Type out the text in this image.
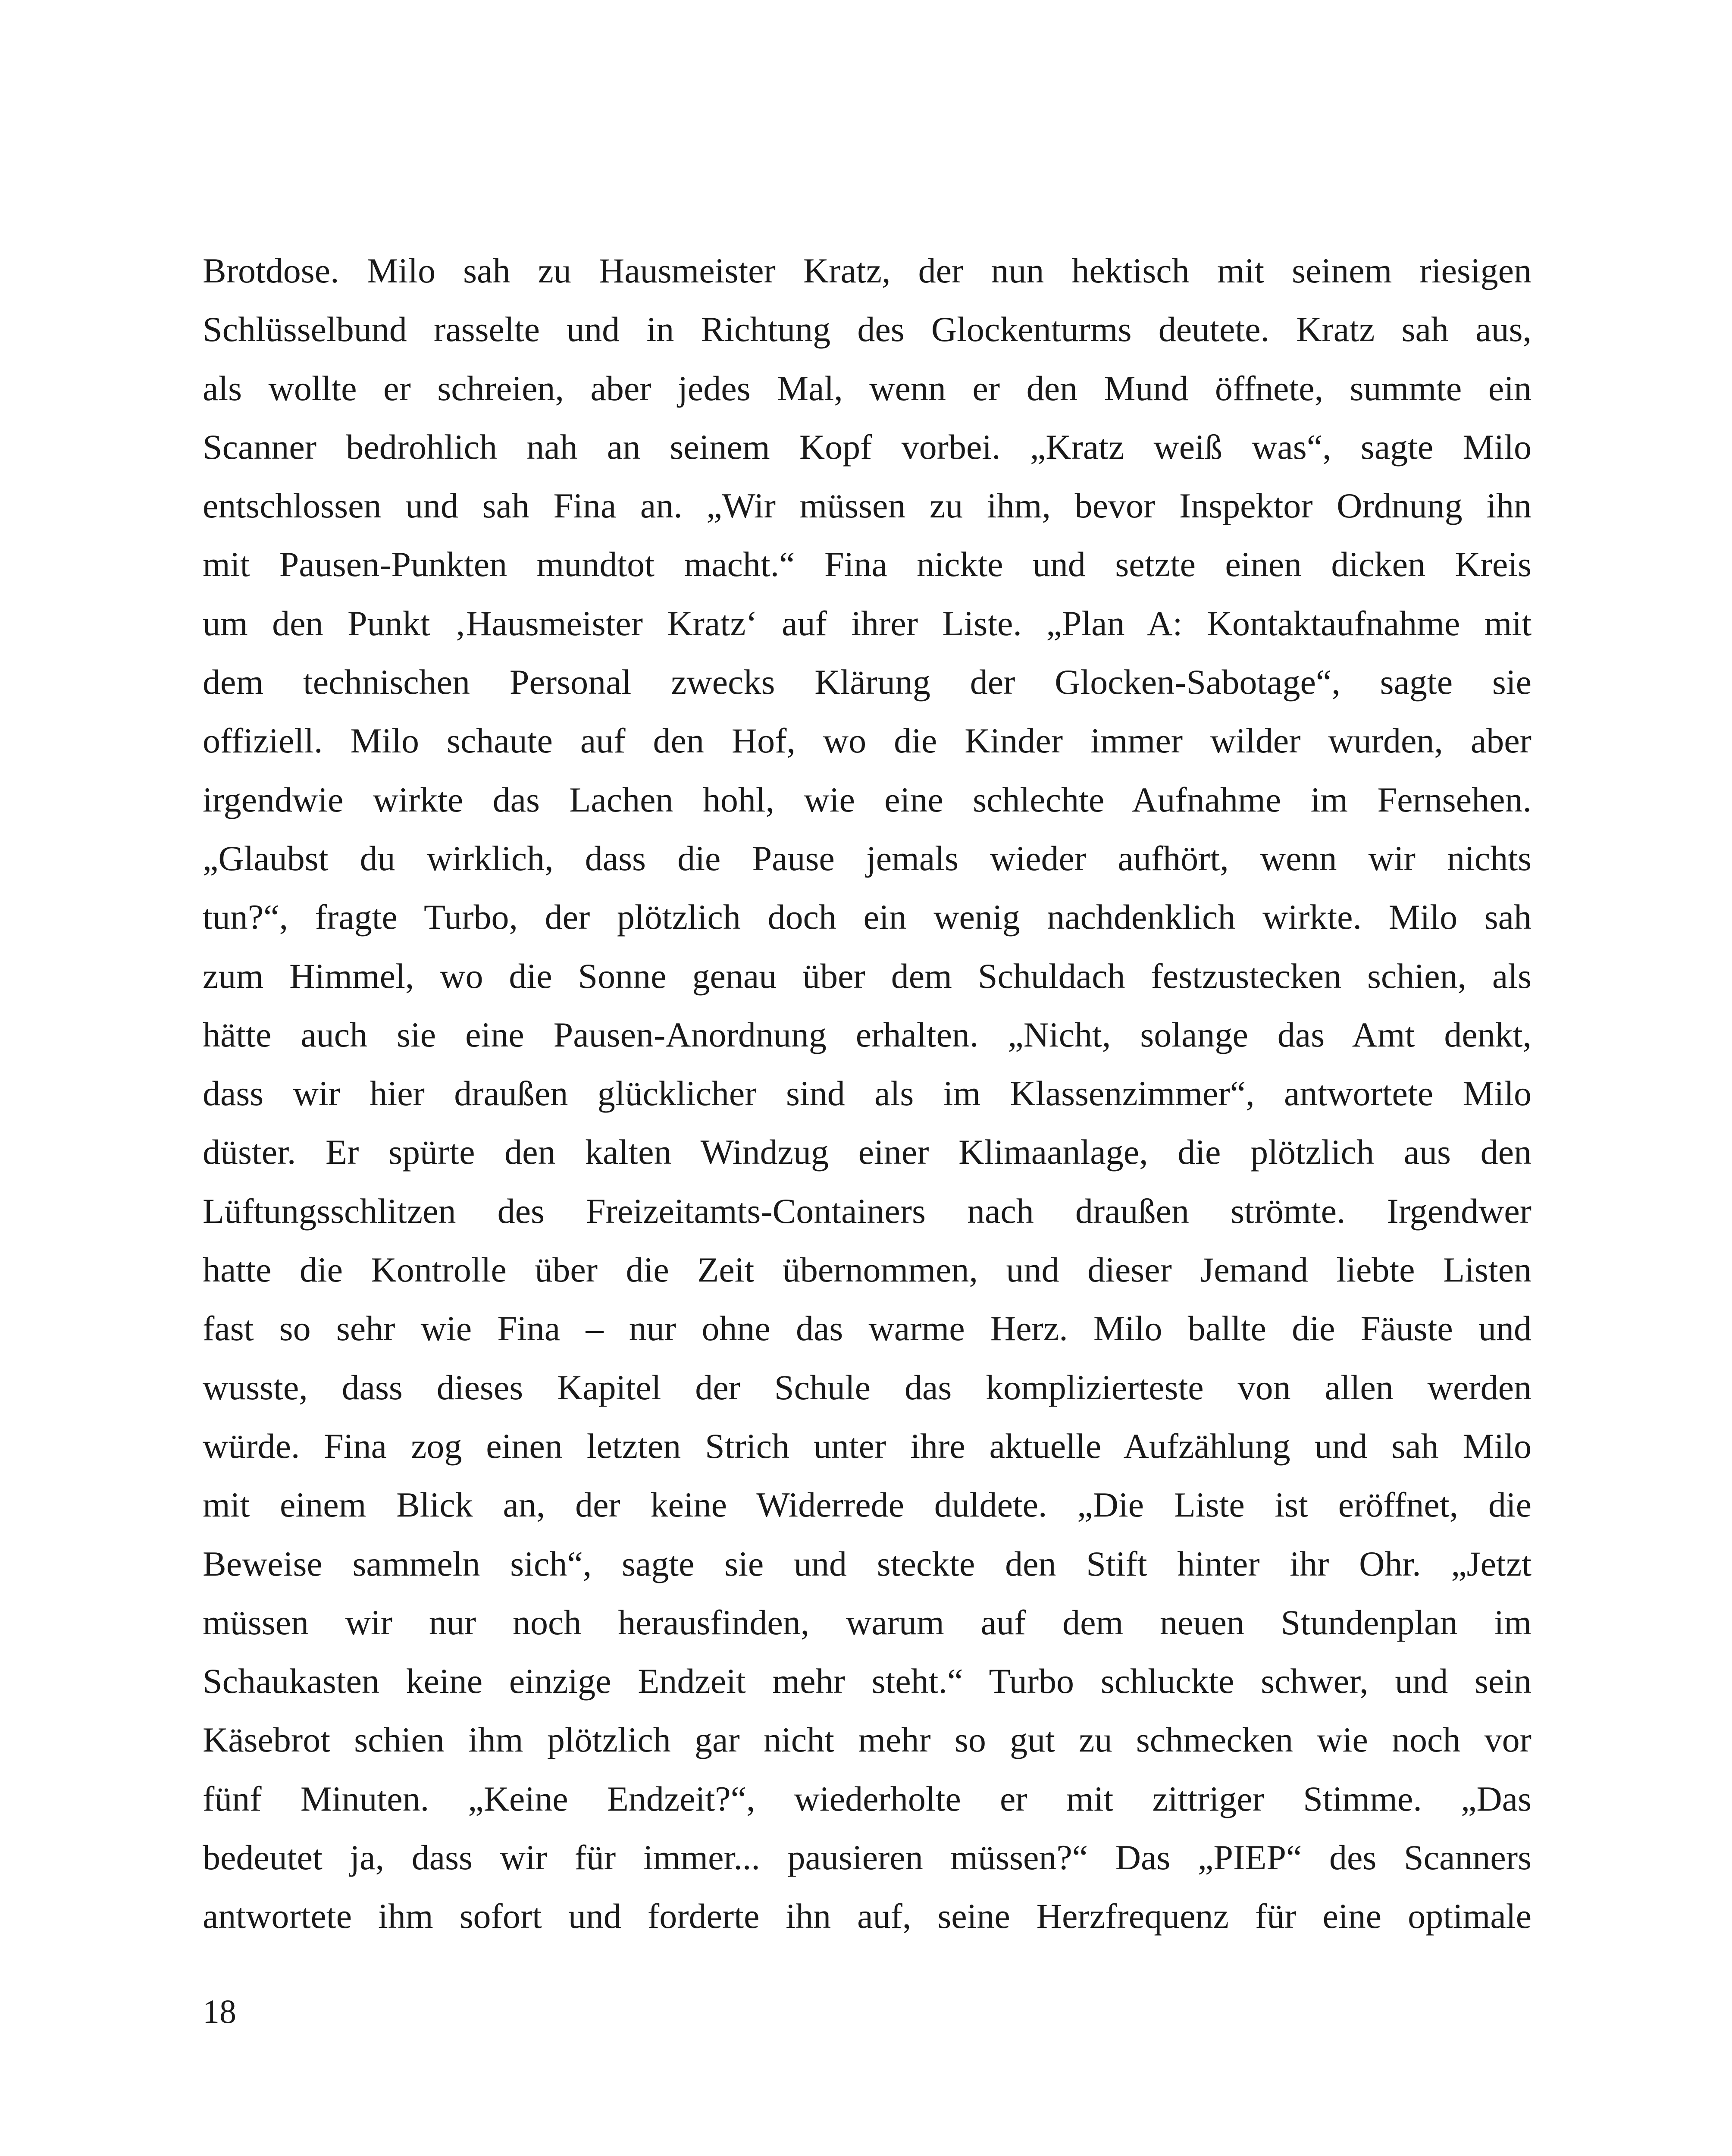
Brotdose. Milo sah zu Hausmeister Kratz, der nun hektisch mit seinem riesigen
Schlüsselbund rasselte und in Richtung des Glockenturms deutete. Kratz sah aus,
als wollte er schreien, aber jedes Mal, wenn er den Mund öffnete, summte ein
Scanner bedrohlich nah an seinem Kopf vorbei. „Kratz weiß was“, sagte Milo
entschlossen und sah Fina an. „Wir müssen zu ihm, bevor Inspektor Ordnung ihn
mit Pausen-Punkten mundtot macht.“ Fina nickte und setzte einen dicken Kreis
um den Punkt ‚Hausmeister Kratz‘ auf ihrer Liste. „Plan A: Kontaktaufnahme mit
dem technischen Personal zwecks Klärung der Glocken-Sabotage“, sagte sie
offiziell. Milo schaute auf den Hof, wo die Kinder immer wilder wurden, aber
irgendwie wirkte das Lachen hohl, wie eine schlechte Aufnahme im Fernsehen.
„Glaubst du wirklich, dass die Pause jemals wieder aufhört, wenn wir nichts
tun?“, fragte Turbo, der plötzlich doch ein wenig nachdenklich wirkte. Milo sah
zum Himmel, wo die Sonne genau über dem Schuldach festzustecken schien, als
hätte auch sie eine Pausen-Anordnung erhalten. „Nicht, solange das Amt denkt,
dass wir hier draußen glücklicher sind als im Klassenzimmer“, antwortete Milo
düster. Er spürte den kalten Windzug einer Klimaanlage, die plötzlich aus den
Lüftungsschlitzen des Freizeitamts-Containers nach draußen strömte. Irgendwer
hatte die Kontrolle über die Zeit übernommen, und dieser Jemand liebte Listen
fast so sehr wie Fina – nur ohne das warme Herz. Milo ballte die Fäuste und
wusste, dass dieses Kapitel der Schule das komplizierteste von allen werden
würde. Fina zog einen letzten Strich unter ihre aktuelle Aufzählung und sah Milo
mit einem Blick an, der keine Widerrede duldete. „Die Liste ist eröffnet, die
Beweise sammeln sich“, sagte sie und steckte den Stift hinter ihr Ohr. „Jetzt
müssen wir nur noch herausfinden, warum auf dem neuen Stundenplan im
Schaukasten keine einzige Endzeit mehr steht.“ Turbo schluckte schwer, und sein
Käsebrot schien ihm plötzlich gar nicht mehr so gut zu schmecken wie noch vor
fünf Minuten. „Keine Endzeit?“, wiederholte er mit zittriger Stimme. „Das
bedeutet ja, dass wir für immer... pausieren müssen?“ Das „PIEP“ des Scanners
antwortete ihm sofort und forderte ihn auf, seine Herzfrequenz für eine optimale
18
